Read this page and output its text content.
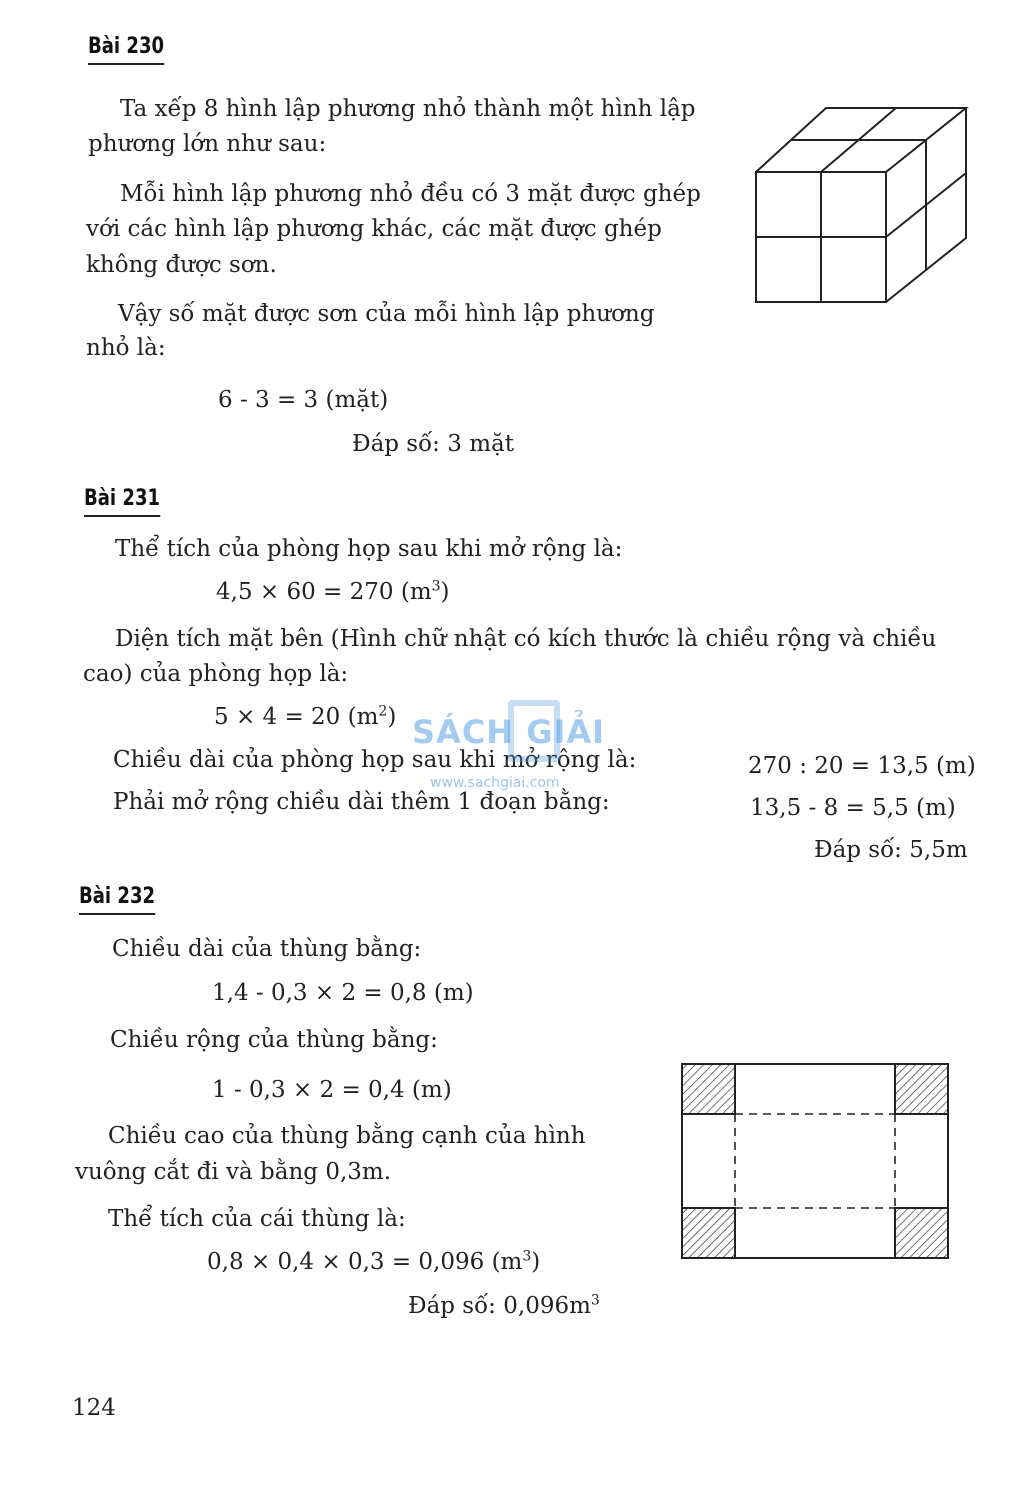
Bài 230
Ta xếp 8 hình lập phương nhỏ thành một hình lập
phương lớn như sau:
Mỗi hình lập phương nhỏ đều có 3 mặt được ghép
với các hình lập phương khác, các mặt được ghép
không được sơn.
Vậy số mặt được sơn của mỗi hình lập phương
nhỏ là:
6 - 3 = 3 (mặt)
Đáp số: 3 mặt
Bài 231
Thể tích của phòng họp sau khi mở rộng là:
4,5 × 60 = 270 $(m^3)$
Diện tích mặt bên (Hình chữ nhật có kích thước là chiều rộng và chiều
cao) của phòng họp là:
5 × 4 = 20 $(m^2)$
Chiều dài của phòng họp sau khi mở rộng là:	270 : 20 = 13,5 (m)
Phải mở rộng chiều dài thêm 1 đoạn bằng:	13,5 - 8 = 5,5 (m)
Đáp số: 5,5m
SÁCH GIẢI
www.sachgiai.com
Bài 232
Chiều dài của thùng bằng:
1,4 - 0,3 × 2 = 0,8 (m)
Chiều rộng của thùng bằng:
1 - 0,3 × 2 = 0,4 (m)
Chiều cao của thùng bằng cạnh của hình
vuông cắt đi và bằng 0,3m.
Thể tích của cái thùng là:
0,8 × 0,4 × 0,3 = 0,096 $(m^3)$
Đáp số: $0,096m^3$
124
